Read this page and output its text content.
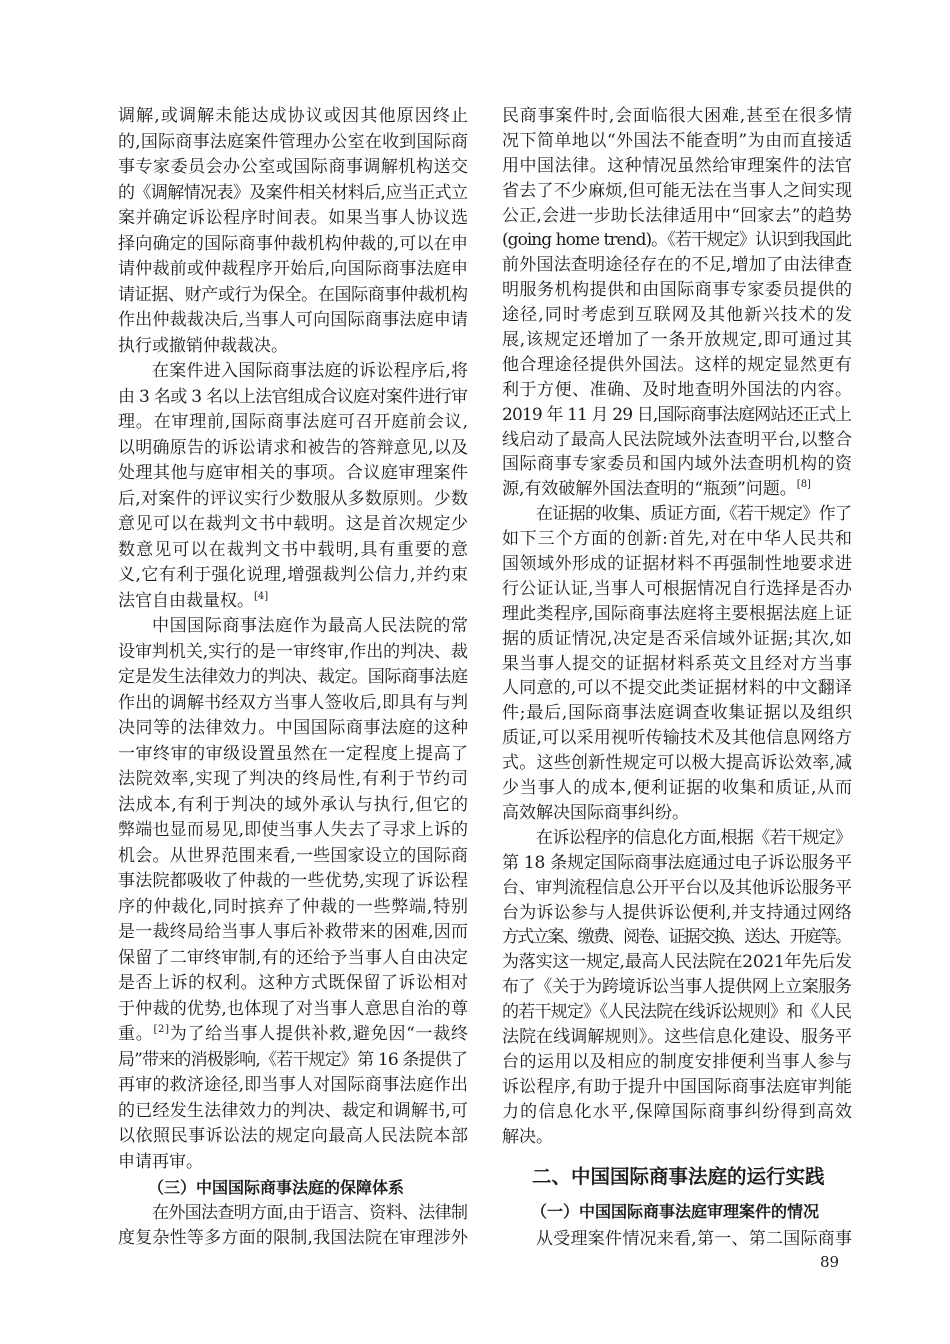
调解,或调解未能达成协议或因其他原因终止
的,国际商事法庭案件管理办公室在收到国际商
事专家委员会办公室或国际商事调解机构送交
的《调解情况表》及案件相关材料后,应当正式立
案并确定诉讼程序时间表。如果当事人协议选
择向确定的国际商事仲裁机构仲裁的,可以在申
请仲裁前或仲裁程序开始后,向国际商事法庭申
请证据、财产或行为保全。在国际商事仲裁机构
作出仲裁裁决后,当事人可向国际商事法庭申请
执行或撤销仲裁裁决。
在案件进入国际商事法庭的诉讼程序后,将
由 3 名或 3 名以上法官组成合议庭对案件进行审
理。在审理前,国际商事法庭可召开庭前会议,
以明确原告的诉讼请求和被告的答辩意见,以及
处理其他与庭审相关的事项。合议庭审理案件
后,对案件的评议实行少数服从多数原则。少数
意见可以在裁判文书中载明。这是首次规定少
数意见可以在裁判文书中载明,具有重要的意
义,它有利于强化说理,增强裁判公信力,并约束
法官自由裁量权。[4]
中国国际商事法庭作为最高人民法院的常
设审判机关,实行的是一审终审,作出的判决、裁
定是发生法律效力的判决、裁定。国际商事法庭
作出的调解书经双方当事人签收后,即具有与判
决同等的法律效力。中国国际商事法庭的这种
一审终审的审级设置虽然在一定程度上提高了
法院效率,实现了判决的终局性,有利于节约司
法成本,有利于判决的域外承认与执行,但它的
弊端也显而易见,即使当事人失去了寻求上诉的
机会。从世界范围来看,一些国家设立的国际商
事法院都吸收了仲裁的一些优势,实现了诉讼程
序的仲裁化,同时摈弃了仲裁的一些弊端,特别
是一裁终局给当事人事后补救带来的困难,因而
保留了二审终审制,有的还给予当事人自由决定
是否上诉的权利。这种方式既保留了诉讼相对
于仲裁的优势,也体现了对当事人意思自治的尊
重。[2]为了给当事人提供补救,避免因“一裁终
局”带来的消极影响,《若干规定》第 16 条提供了
再审的救济途径,即当事人对国际商事法庭作出
的已经发生法律效力的判决、裁定和调解书,可
以依照民事诉讼法的规定向最高人民法院本部
申请再审。
（三）中国国际商事法庭的保障体系
在外国法查明方面,由于语言、资料、法律制
度复杂性等多方面的限制,我国法院在审理涉外
民商事案件时,会面临很大困难,甚至在很多情
况下简单地以“外国法不能查明”为由而直接适
用中国法律。这种情况虽然给审理案件的法官
省去了不少麻烦,但可能无法在当事人之间实现
公正,会进一步助长法律适用中“回家去”的趋势
(going home trend)。《若干规定》认识到我国此
前外国法查明途径存在的不足,增加了由法律查
明服务机构提供和由国际商事专家委员提供的
途径,同时考虑到互联网及其他新兴技术的发
展,该规定还增加了一条开放规定,即可通过其
他合理途径提供外国法。这样的规定显然更有
利于方便、准确、及时地查明外国法的内容。
2019 年 11 月 29 日,国际商事法庭网站还正式上
线启动了最高人民法院域外法查明平台,以整合
国际商事专家委员和国内域外法查明机构的资
源,有效破解外国法查明的“瓶颈”问题。[8]
在证据的收集、质证方面,《若干规定》作了
如下三个方面的创新:首先,对在中华人民共和
国领域外形成的证据材料不再强制性地要求进
行公证认证,当事人可根据情况自行选择是否办
理此类程序,国际商事法庭将主要根据法庭上证
据的质证情况,决定是否采信域外证据;其次,如
果当事人提交的证据材料系英文且经对方当事
人同意的,可以不提交此类证据材料的中文翻译
件;最后,国际商事法庭调查收集证据以及组织
质证,可以采用视听传输技术及其他信息网络方
式。这些创新性规定可以极大提高诉讼效率,减
少当事人的成本,便利证据的收集和质证,从而
高效解决国际商事纠纷。
在诉讼程序的信息化方面,根据《若干规定》
第 18 条规定国际商事法庭通过电子诉讼服务平
台、审判流程信息公开平台以及其他诉讼服务平
台为诉讼参与人提供诉讼便利,并支持通过网络
方式立案、缴费、阅卷、证据交换、送达、开庭等。
为落实这一规定,最高人民法院在2021年先后发
布了《关于为跨境诉讼当事人提供网上立案服务
的若干规定》《人民法院在线诉讼规则》和《人民
法院在线调解规则》。这些信息化建设、服务平
台的运用以及相应的制度安排便利当事人参与
诉讼程序,有助于提升中国国际商事法庭审判能
力的信息化水平,保障国际商事纠纷得到高效
解决。
二、中国国际商事法庭的运行实践
（一）中国国际商事法庭审理案件的情况
从受理案件情况来看,第一、第二国际商事
89
